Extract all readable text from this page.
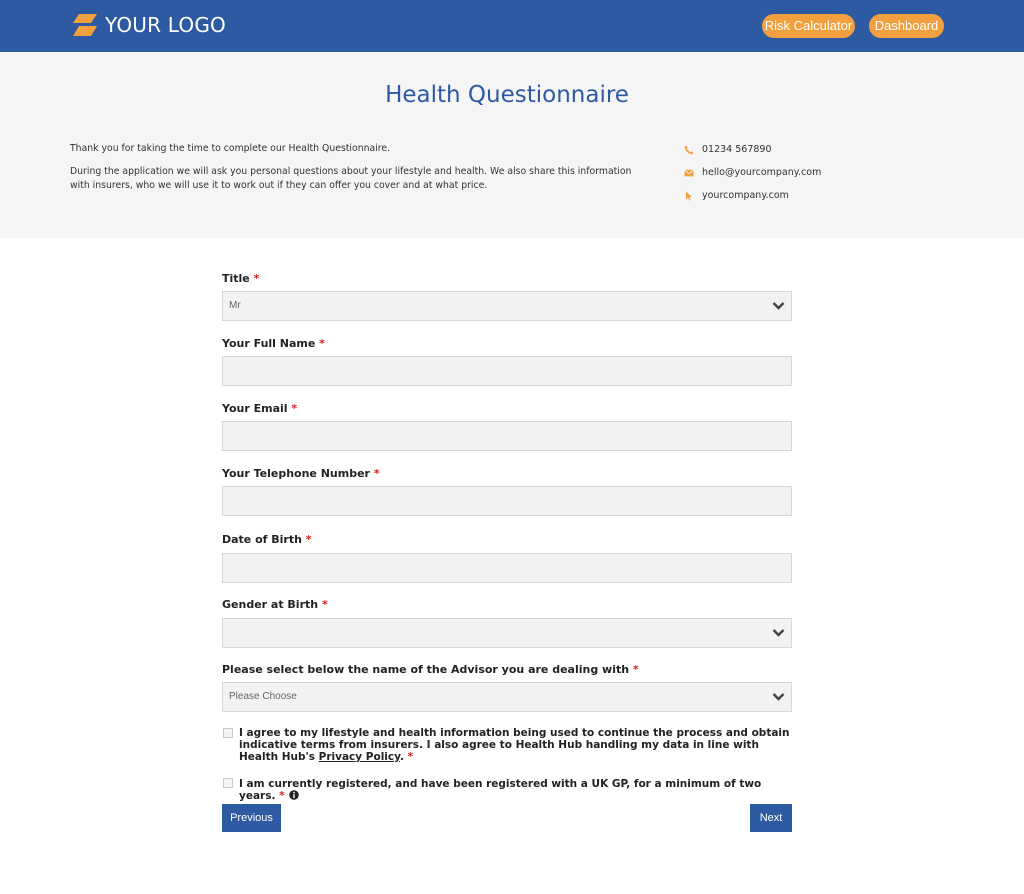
YOUR LOGO	Risk Calculator	Dashboard
Health Questionnaire

Thank you for taking the time to complete our Health Questionnaire.

During the application we will ask you personal questions about your lifestyle and health. We also share this information with insurers, who we will use it to work out if they can offer you cover and at what price.

01234 567890
hello@yourcompany.com
yourcompany.com
Title *
Mr
Your Full Name *
Your Email *
Your Telephone Number *
Date of Birth *
Gender at Birth *
Please select below the name of the Advisor you are dealing with *
Please Choose
I agree to my lifestyle and health information being used to continue the process and obtain indicative terms from insurers. I also agree to Health Hub handling my data in line with Health Hub's Privacy Policy. *
I am currently registered, and have been registered with a UK GP, for a minimum of two years. *
Previous	Next
